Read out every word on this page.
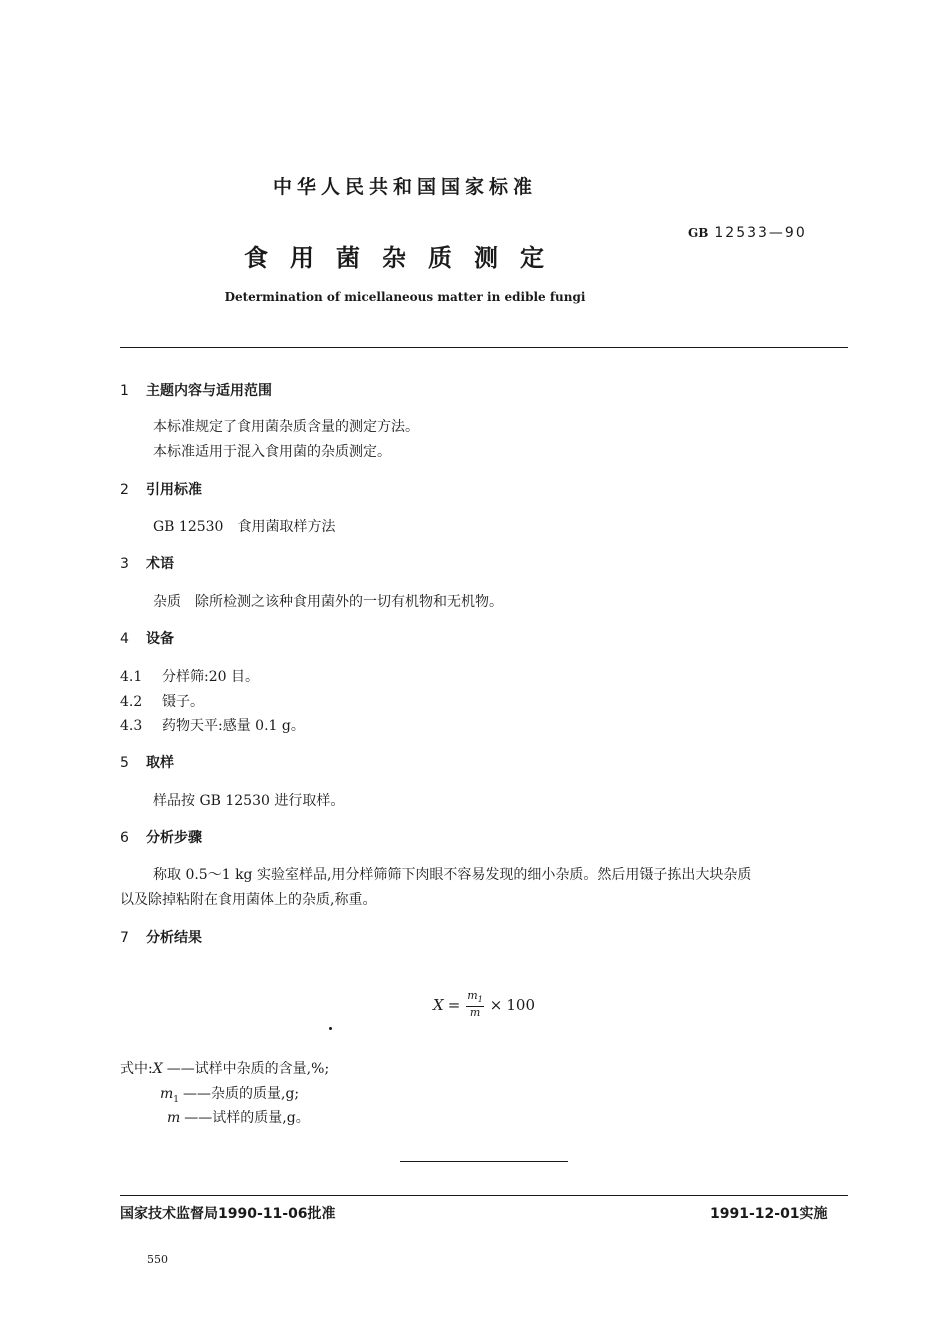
中华人民共和国国家标准
GB 12533—90
食用菌杂质测定
Determination of micellaneous matter in edible fungi
1 主题内容与适用范围
本标准规定了食用菌杂质含量的测定方法。
本标准适用于混入食用菌的杂质测定。
2 引用标准
GB 12530 食用菌取样方法
3 术语
杂质 除所检测之该种食用菌外的一切有机物和无机物。
4 设备
4.1 分样筛:20 目。
4.2 镊子。
4.3 药物天平:感量 0.1 g。
5 取样
样品按 GB 12530 进行取样。
6 分析步骤
称取 0.5～1 kg 实验室样品,用分样筛筛下肉眼不容易发现的细小杂质。然后用镊子拣出大块杂质
以及除掉粘附在食用菌体上的杂质,称重。
7 分析结果
$X = \frac{m_1}{m} \times 100$
式中:X ——试样中杂质的含量,%;
$m_1$ ——杂质的质量,g;
m ——试样的质量,g。
国家技术监督局1990-11-06批准	1991-12-01实施
550
